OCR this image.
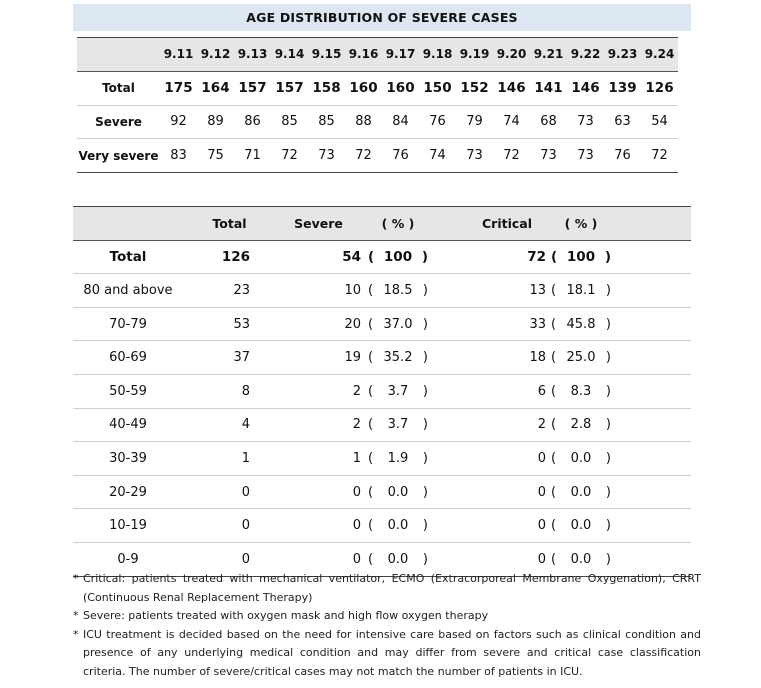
AGE DISTRIBUTION OF SEVERE CASES
	9.11	9.12	9.13	9.14	9.15	9.16	9.17	9.18	9.19	9.20	9.21	9.22	9.23	9.24
Total	175	164	157	157	158	160	160	150	152	146	141	146	139	126
Severe	92	89	86	85	85	88	84	76	79	74	68	73	63	54
Very severe	83	75	71	72	73	72	76	74	73	72	73	73	76	72
	Total	Severe	( % )	Critical	( % )	
Total	126	54	( 100 )	72	( 100 )	

80 and above	23	10	( 18.5 )	13	( 18.1 )	

70-79	53	20	( 37.0 )	33	( 45.8 )	

60-69	37	19	( 35.2 )	18	( 25.0 )	

50-59	8	2	( 3.7 )	6	( 8.3 )	

40-49	4	2	( 3.7 )	2	( 2.8 )	

30-39	1	1	( 1.9 )	0	( 0.0 )	

20-29	0	0	( 0.0 )	0	( 0.0 )	

10-19	0	0	( 0.0 )	0	( 0.0 )	

0-9	0	0	( 0.0 )	0	( 0.0 )	

* Critical: patients treated with mechanical ventilator, ECMO (Extracorporeal Membrane Oxygenation), CRRT (Continuous Renal Replacement Therapy)
* Severe: patients treated with oxygen mask and high flow oxygen therapy
* ICU treatment is decided based on the need for intensive care based on factors such as clinical condition and presence of any underlying medical condition and may differ from severe and critical case classification criteria. The number of severe/critical cases may not match the number of patients in ICU.
